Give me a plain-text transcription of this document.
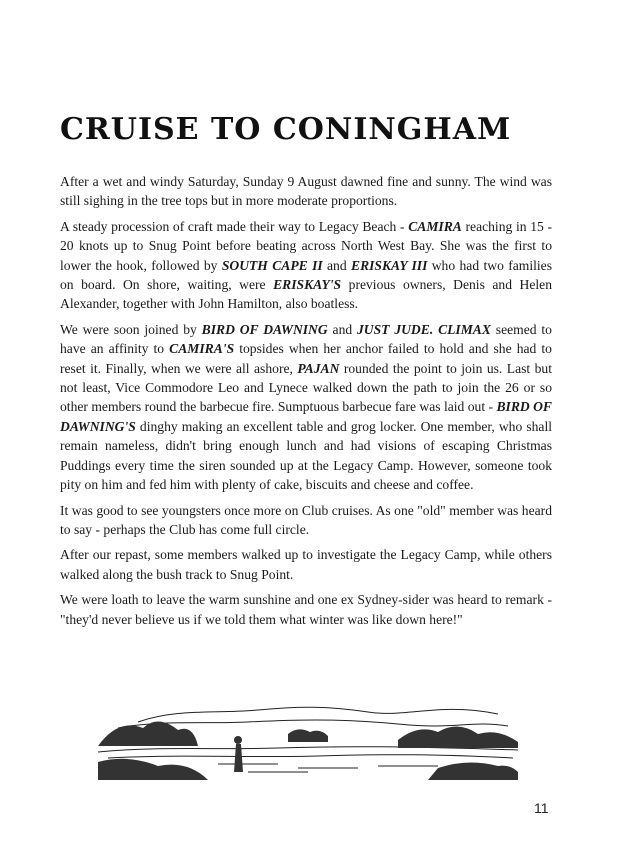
CRUISE TO CONINGHAM

After a wet and windy Saturday, Sunday 9 August dawned fine and sunny. The wind was still sighing in the tree tops but in more moderate proportions.

A steady procession of craft made their way to Legacy Beach - CAMIRA reaching in 15 - 20 knots up to Snug Point before beating across North West Bay. She was the first to lower the hook, followed by SOUTH CAPE II and ERISKAY III who had two families on board. On shore, waiting, were ERISKAY'S previous owners, Denis and Helen Alexander, together with John Hamilton, also boatless.

We were soon joined by BIRD OF DAWNING and JUST JUDE. CLIMAX seemed to have an affinity to CAMIRA'S topsides when her anchor failed to hold and she had to reset it. Finally, when we were all ashore, PAJAN rounded the point to join us. Last but not least, Vice Commodore Leo and Lynece walked down the path to join the 26 or so other members round the barbecue fire. Sumptuous barbecue fare was laid out - BIRD OF DAWNING'S dinghy making an excellent table and grog locker. One member, who shall remain nameless, didn't bring enough lunch and had visions of escaping Christmas Puddings every time the siren sounded up at the Legacy Camp. However, someone took pity on him and fed him with plenty of cake, biscuits and cheese and coffee.

It was good to see youngsters once more on Club cruises. As one "old" member was heard to say - perhaps the Club has come full circle.

After our repast, some members walked up to investigate the Legacy Camp, while others walked along the bush track to Snug Point.

We were loath to leave the warm sunshine and one ex Sydney-sider was heard to remark - "they'd never believe us if we told them what winter was like down here!"

11
